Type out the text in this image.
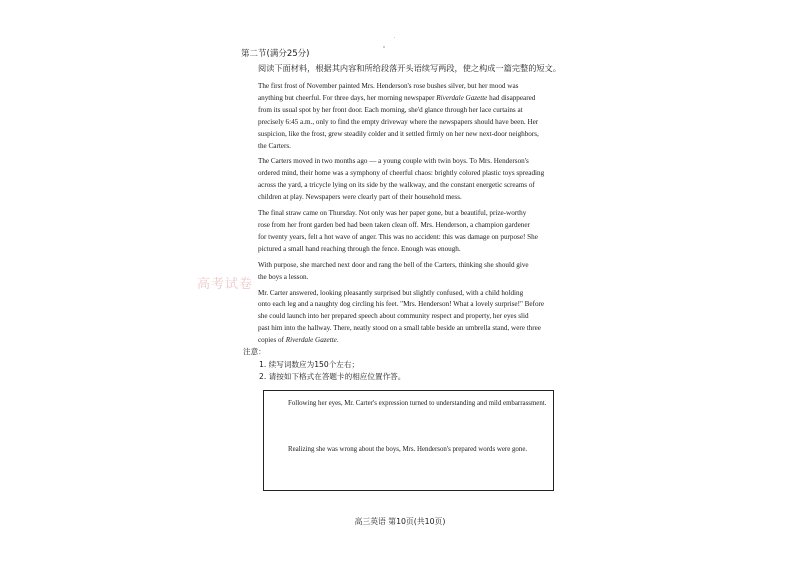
第二节(满分25分)
阅读下面材料，根据其内容和所给段落开头语续写两段，使之构成一篇完整的短文。

The first frost of November painted Mrs. Henderson's rose bushes silver, but her mood was
anything but cheerful. For three days, her morning newspaper Riverdale Gazette had disappeared
from its usual spot by her front door. Each morning, she'd glance through her lace curtains at
precisely 6:45 a.m., only to find the empty driveway where the newspapers should have been. Her
suspicion, like the frost, grew steadily colder and it settled firmly on her new next-door neighbors,
the Carters.

The Carters moved in two months ago — a young couple with twin boys. To Mrs. Henderson's
ordered mind, their home was a symphony of cheerful chaos: brightly colored plastic toys spreading
across the yard, a tricycle lying on its side by the walkway, and the constant energetic screams of
children at play. Newspapers were clearly part of their household mess.

The final straw came on Thursday. Not only was her paper gone, but a beautiful, prize-worthy
rose from her front garden bed had been taken clean off. Mrs. Henderson, a champion gardener
for twenty years, felt a hot wave of anger. This was no accident: this was damage on purpose! She
pictured a small hand reaching through the fence. Enough was enough.

With purpose, she marched next door and rang the bell of the Carters, thinking she should give
the boys a lesson.

Mr. Carter answered, looking pleasantly surprised but slightly confused, with a child holding
onto each leg and a naughty dog circling his feet. "Mrs. Henderson! What a lovely surprise!" Before
she could launch into her prepared speech about community respect and property, her eyes slid
past him into the hallway. There, neatly stood on a small table beside an umbrella stand, were three
copies of Riverdale Gazette.

高考试卷
注意：
1. 续写词数应为150个左右；
2. 请按如下格式在答题卡的相应位置作答。
Following her eyes, Mr. Carter's expression turned to understanding and mild embarrassment.
Realizing she was wrong about the boys, Mrs. Henderson's prepared words were gone.
高三英语 第10页(共10页)
